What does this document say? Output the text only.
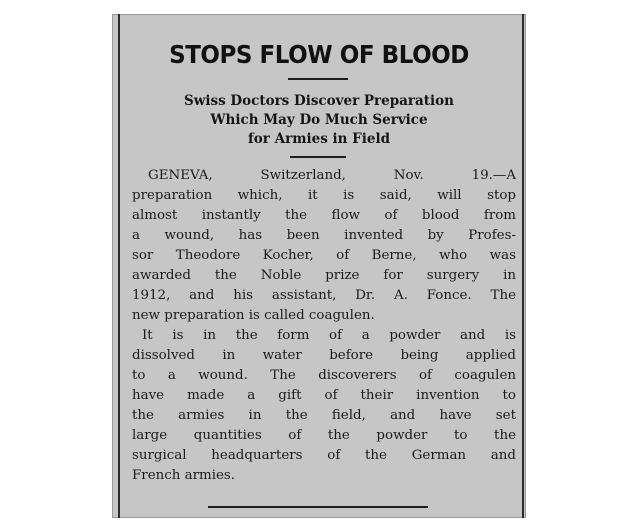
STOPS FLOW OF BLOOD
Swiss Doctors Discover Preparation
Which May Do Much Service
for Armies in Field
GENEVA, Switzerland, Nov. 19.—A
preparation which, it is said, will stop
almost instantly the flow of blood from
a wound, has been invented by Profes-
sor Theodore Kocher, of Berne, who was
awarded the Noble prize for surgery in
1912, and his assistant, Dr. A. Fonce. The
new preparation is called coagulen.
It is in the form of a powder and is
dissolved in water before being applied
to a wound. The discoverers of coagulen
have made a gift of their invention to
the armies in the field, and have set
large quantities of the powder to the
surgical headquarters of the German and
French armies.
